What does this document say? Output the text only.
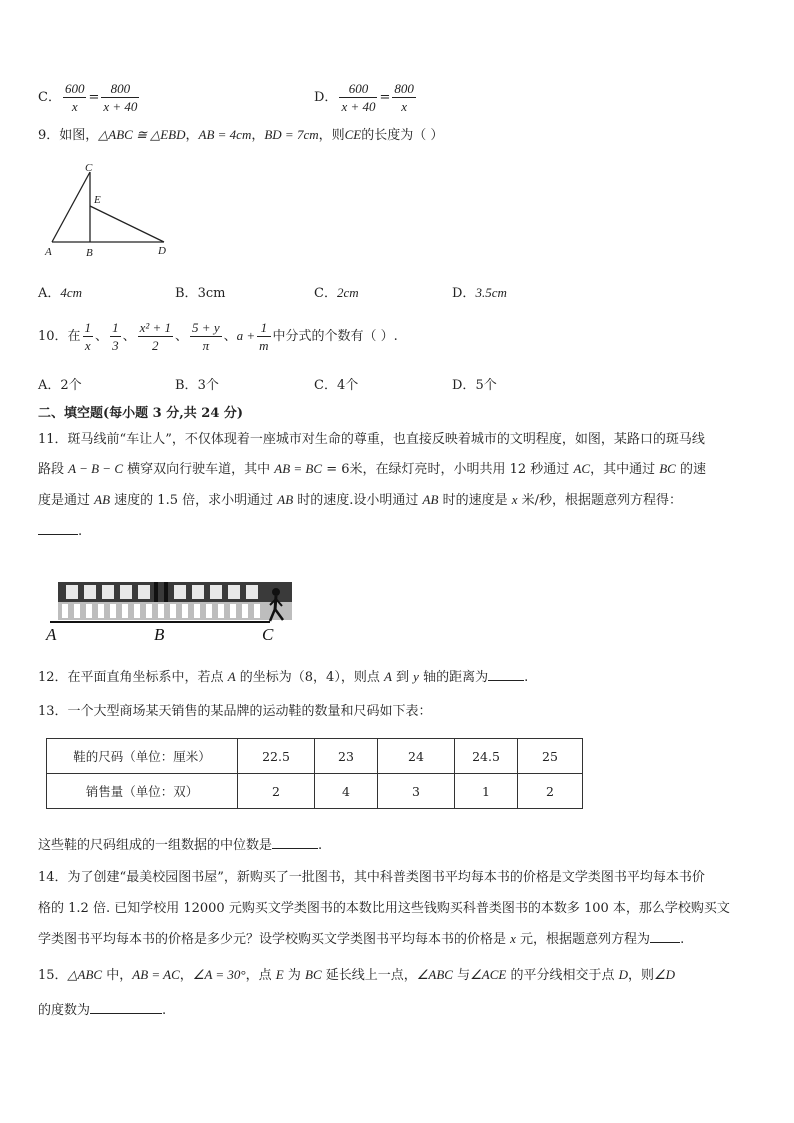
C． $\frac{600}{x} = \frac{800}{x + 40}$	D． $\frac{600}{x + 40} = \frac{800}{x}$
9．如图，△ABC ≅ △EBD，AB = 4cm，BD = 7cm，则CE的长度为（ ）
C
E
A	B	D
A．4cm	B．3cm	C．2cm	D．3.5cm
10．在 $\frac{1}{x}$ 、 $\frac{1}{3}$ 、 $\frac{\text{x² + 1}}{2}$ 、 $\frac{5 + y}{\pi}$ 、$a + \frac{1}{m}$ 中分式的个数有（ ）.
A．2个	B．3个	C．4个	D．5个
二、填空题(每小题 3 分,共 24 分)
11．斑马线前“车让人”，不仅体现着一座城市对生命的尊重，也直接反映着城市的文明程度，如图，某路口的斑马线
路段 A − B − C 横穿双向行驶车道，其中 AB = BC = 6米，在绿灯亮时，小明共用 12 秒通过 AC，其中通过 BC 的速
度是通过 AB 速度的 1.5 倍，求小明通过 AB 时的速度.设小明通过 AB 时的速度是 x 米/秒，根据题意列方程得：
.
A	B	C
12．在平面直角坐标系中，若点 A 的坐标为（8，4），则点 A 到 y 轴的距离为	.
13．一个大型商场某天销售的某品牌的运动鞋的数量和尺码如下表：
鞋的尺码（单位：厘米）	22.5	23	24	24.5	25
销售量（单位：双）	2	4	3	1	2
这些鞋的尺码组成的一组数据的中位数是	.
14．为了创建“最美校园图书屋”，新购买了一批图书，其中科普类图书平均每本书的价格是文学类图书平均每本书价
格的 1.2 倍. 已知学校用 12000 元购买文学类图书的本数比用这些钱购买科普类图书的本数多 100 本，那么学校购买文
学类图书平均每本书的价格是多少元？设学校购买文学类图书平均每本书的价格是 x 元，根据题意列方程为 .
15．△ABC 中，AB = AC，∠A = 30°，点 E 为 BC 延长线上一点，∠ABC 与∠ACE 的平分线相交于点 D，则∠D
的度数为	.
